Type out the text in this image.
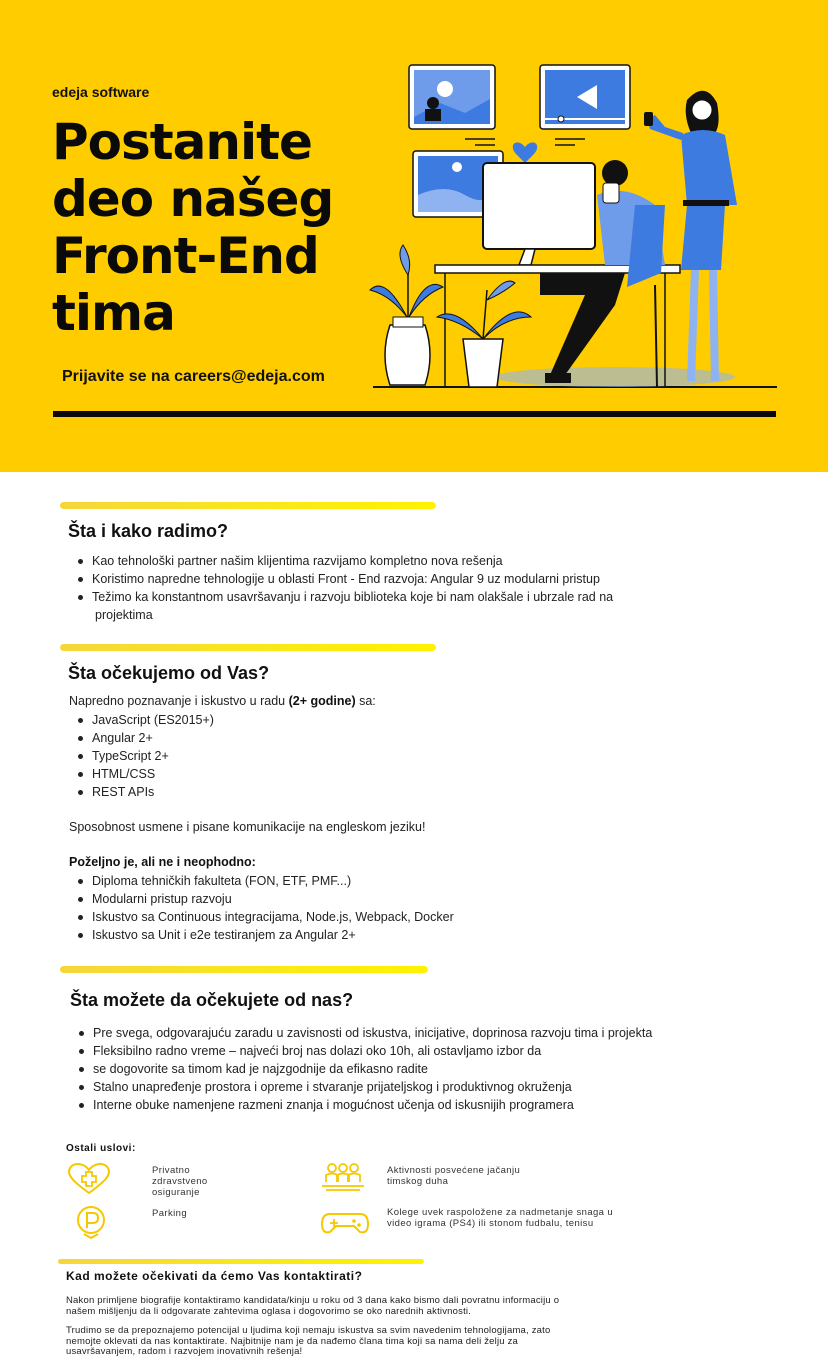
edeja software
Postanite
deo našeg
Front-End
tima
Prijavite se na careers@edeja.com
Šta i kako radimo?
Kao tehnološki partner našim klijentima razvijamo kompletno nova rešenja
Koristimo napredne tehnologije u oblasti Front - End razvoja: Angular 9 uz modularni pristup
Težimo ka konstantnom usavršavanju i razvoju biblioteka koje bi nam olakšale i ubrzale rad na
projektima
Šta očekujemo od Vas?
Napredno poznavanje i iskustvo u radu (2+ godine) sa:
JavaScript (ES2015+)
Angular 2+
TypeScript 2+
HTML/CSS
REST APIs
Sposobnost usmene i pisane komunikacije na engleskom jeziku!
Poželjno je, ali ne i neophodno:
Diploma tehničkih fakulteta (FON, ETF, PMF...)
Modularni pristup razvoju
Iskustvo sa Continuous integracijama, Node.js, Webpack, Docker
Iskustvo sa Unit i e2e testiranjem za Angular 2+
Šta možete da očekujete od nas?
Pre svega, odgovarajuću zaradu u zavisnosti od iskustva, inicijative, doprinosa razvoju tima i projekta
Fleksibilno radno vreme – najveći broj nas dolazi oko 10h, ali ostavljamo izbor da
se dogovorite sa timom kad je najzgodnije da efikasno radite
Stalno unapređenje prostora i opreme i stvaranje prijateljskog i produktivnog okruženja
Interne obuke namenjene razmeni znanja i mogućnost učenja od iskusnijih programera
Ostali uslovi:
Privatno
zdravstveno
osiguranje
Aktivnosti posvećene jačanju
timskog duha
Parking	Kolege uvek raspoložene za nadmetanje snaga u
video igrama (PS4) ili stonom fudbalu, tenisu
Kad možete očekivati da ćemo Vas kontaktirati?
Nakon primljene biografije kontaktiramo kandidata/kinju u roku od 3 dana kako bismo dali povratnu informaciju o
našem mišljenju da li odgovarate zahtevima oglasa i dogovorimo se oko narednih aktivnosti.
Trudimo se da prepoznajemo potencijal u ljudima koji nemaju iskustva sa svim navedenim tehnologijama, zato
nemojte oklevati da nas kontaktirate. Najbitnije nam je da nađemo člana tima koji sa nama deli želju za
usavršavanjem, radom i razvojem inovativnih rešenja!
